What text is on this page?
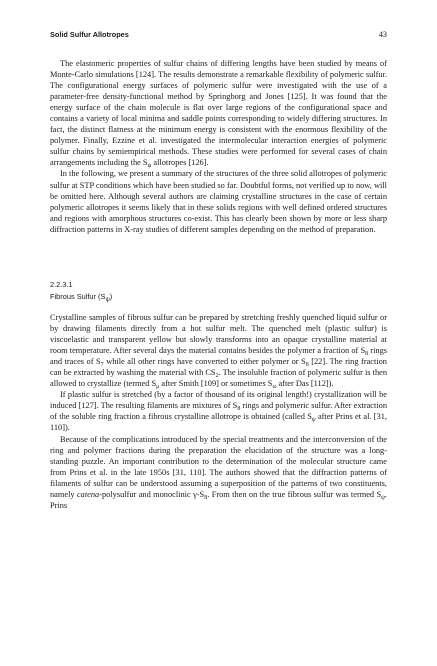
Solid Sulfur Allotropes	43

The elastomeric properties of sulfur chains of differing lengths have been studied by means of Monte-Carlo simulations [124]. The results demonstrate a remarkable flexibility of polymeric sulfur. The configurational energy surfaces of polymeric sulfur were investigated with the use of a parameter-free density-functional method by Springborg and Jones [125]. It was found that the energy surface of the chain molecule is flat over large regions of the configurational space and contains a variety of local minima and saddle points corresponding to widely differing structures. In fact, the distinct flatness at the minimum energy is consistent with the enormous flexibility of the polymer. Finally, Ezzine et al. investigated the intermolecular interaction energies of polymeric sulfur chains by semiempirical methods. These studies were performed for several cases of chain arrangements including the $S_\psi$ allotropes [126].

In the following, we present a summary of the structures of the three solid allotropes of polymeric sulfur at STP conditions which have been studied so far. Doubtful forms, not verified up to now, will be omitted here. Although several authors are claiming crystalline structures in the case of certain polymeric allotropes it seems likely that in these solids regions with well defined ordered structures and regions with amorphous structures co-exist. This has clearly been shown by more or less sharp diffraction patterns in X-ray studies of different samples depending on the method of preparation.

2.2.3.1
Fibrous Sulfur $(S_\psi)$

Crystalline samples of fibrous sulfur can be prepared by stretching freshly quenched liquid sulfur or by drawing filaments directly from a hot sulfur melt. The quenched melt (plastic sulfur) is viscoelastic and transparent yellow but slowly transforms into an opaque crystalline material at room temperature. After several days the material contains besides the polymer a fraction of $S_8$ rings and traces of $S_7$ while all other rings have converted to either polymer or $S_8$ [22]. The ring fraction can be extracted by washing the material with $CS_2$. The insoluble fraction of polymeric sulfur is then allowed to crystallize (termed $S_\mu$ after Smith [109] or sometimes $S_\omega$ after Das [112]).

If plastic sulfur is stretched (by a factor of thousand of its original length!) crystallization will be induced [127]. The resulting filaments are mixtures of $S_8$ rings and polymeric sulfur. After extraction of the soluble ring fraction a fibrous crystalline allotrope is obtained (called $S_\psi$ after Prins et al. [31, 110]).

Because of the complications introduced by the special treatments and the interconversion of the ring and polymer fractions during the preparation the elucidation of the structure was a long-standing puzzle. An important contribution to the determination of the molecular structure came from Prins et al. in the late 1950s [31, 110]. The authors showed that the diffraction patterns of filaments of sulfur can be understood assuming a superposition of the patterns of two constituents, namely catena-polysulfur and monoclinic $\gamma-S_8$. From then on the true fibrous sulfur was termed $S_\psi$. Prins
